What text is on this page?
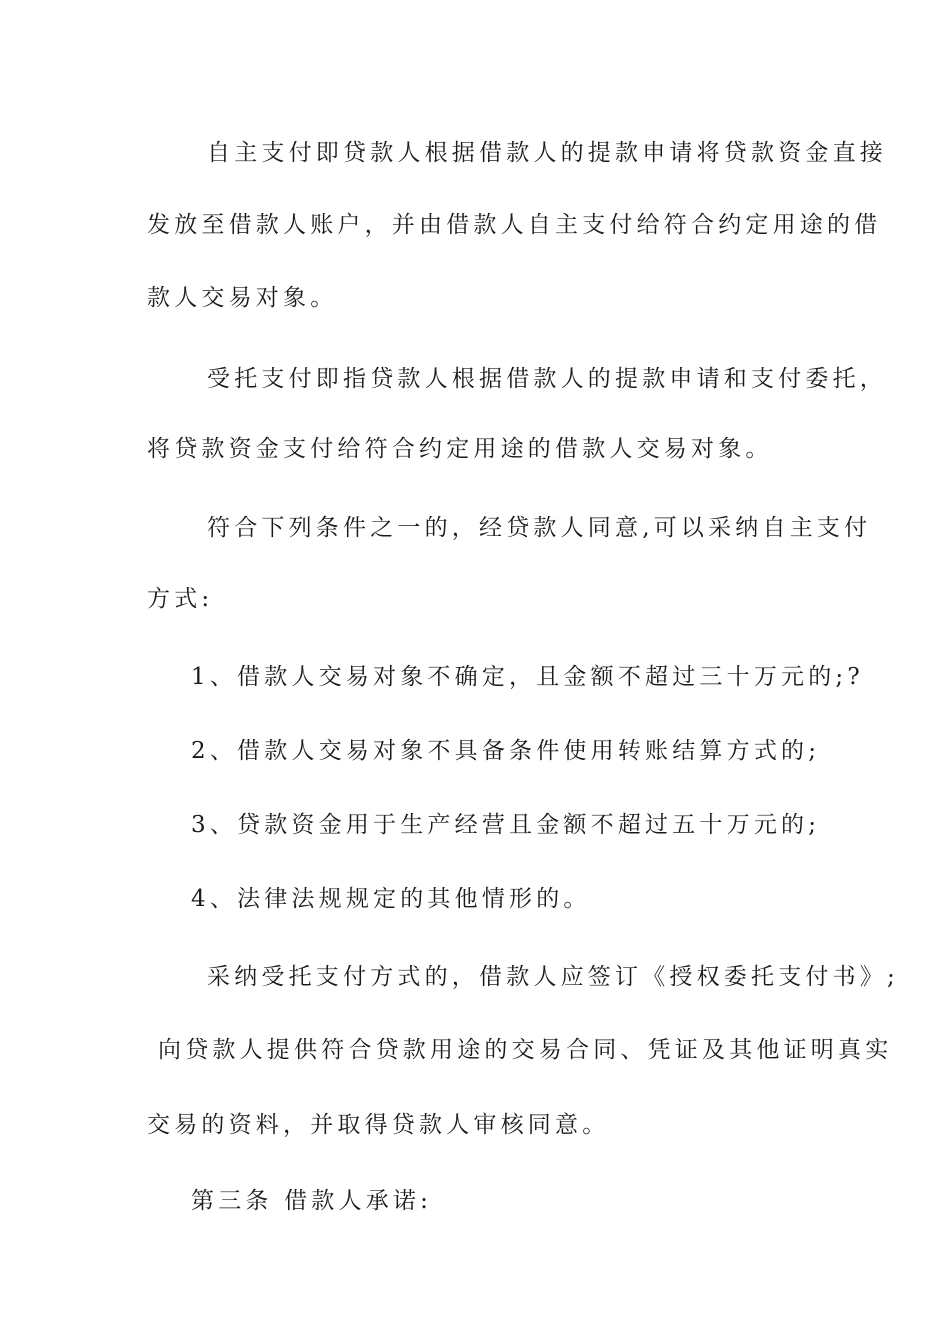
自主支付即贷款人根据借款人的提款申请将贷款资金直接
发放至借款人账户，并由借款人自主支付给符合约定用途的借
款人交易对象。
受托支付即指贷款人根据借款人的提款申请和支付委托，
将贷款资金支付给符合约定用途的借款人交易对象。
符合下列条件之一的，经贷款人同意,可以采纳自主支付
方式:
1、借款人交易对象不确定，且金额不超过三十万元的;?
2、借款人交易对象不具备条件使用转账结算方式的;
3、贷款资金用于生产经营且金额不超过五十万元的;
4、法律法规规定的其他情形的。
采纳受托支付方式的，借款人应签订《授权委托支付书》;
向贷款人提供符合贷款用途的交易合同、凭证及其他证明真实
交易的资料，并取得贷款人审核同意。
第三条 借款人承诺:
